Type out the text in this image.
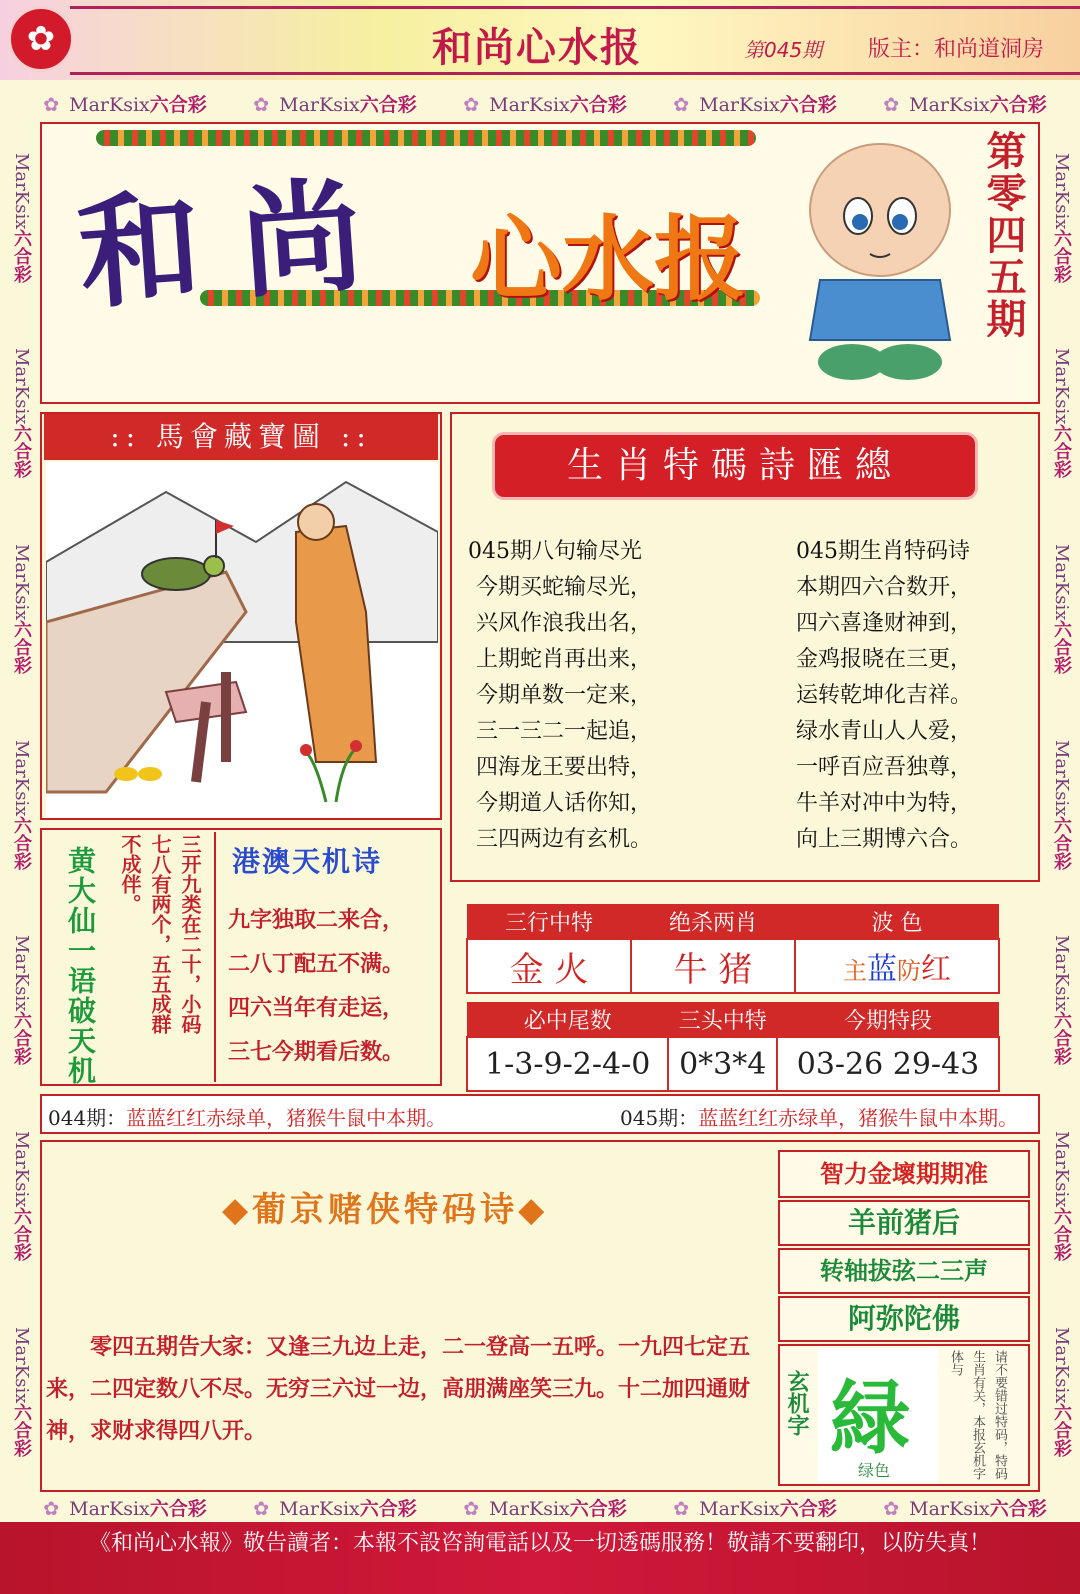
✿	和尚心水报	第045期 版主：和尚道洞房
✿ MarKsix六合彩 ✿ MarKsix六合彩 ✿ MarKsix六合彩 ✿ MarKsix六合彩 ✿ MarKsix六合彩
✿ MarKsix六合彩 ✿ MarKsix六合彩 ✿ MarKsix六合彩 ✿ MarKsix六合彩 ✿ MarKsix六合彩
MarKsix六合彩
MarKsix六合彩
MarKsix六合彩
MarKsix六合彩
MarKsix六合彩
MarKsix六合彩
MarKsix六合彩
MarKsix六合彩
MarKsix六合彩
MarKsix六合彩
MarKsix六合彩
MarKsix六合彩
MarKsix六合彩
MarKsix六合彩
和尚 心水报	第零四五期
:: 馬會藏寶圖 ::
生肖特碼詩匯總
045期八句输尽光
今期买蛇输尽光，
兴风作浪我出名，
上期蛇肖再出来，
今期单数一定来，
三一三二一起追，
四海龙王要出特，
今期道人话你知，
三四两边有玄机。
045期生肖特码诗
本期四六合数开，
四六喜逢财神到，
金鸡报晓在三更，
运转乾坤化吉祥。
绿水青山人人爱，
一呼百应吾独尊，
牛羊对冲中为特，
向上三期博六合。
黄大仙一语破天机	三开九类在二十，小码
七八有两个，五五成群
不成伴。	港澳天机诗
九字独取二来合，
二八丁配五不满。
四六当年有走运，
三七今期看后数。
三行中特	绝杀两肖	波 色
金 火	牛 猪	主蓝防红
必中尾数	三头中特	今期特段
1-3-9-2-4-0	0*3*4	03-26 29-43
044期：蓝蓝红红赤绿单，猪猴牛鼠中本期。	045期：蓝蓝红红赤绿单，猪猴牛鼠中本期。
◆葡京赌侠特码诗◆
零四五期告大家：又逢三九边上走，二一登高一五呼。一九四七定五来，二四定数八不尽。无穷三六过一边，高朋满座笑三九。十二加四通财神，求财求得四八开。
智力金壞期期准
羊前猪后
转轴拔弦二三声
阿弥陀佛
玄机字 緑
绿色	请不要错过特码，特码生肖有关，本报玄机字体与
《和尚心水報》敬告讀者：本報不設咨詢電話以及一切透碼服務！敬請不要翻印，以防失真！
